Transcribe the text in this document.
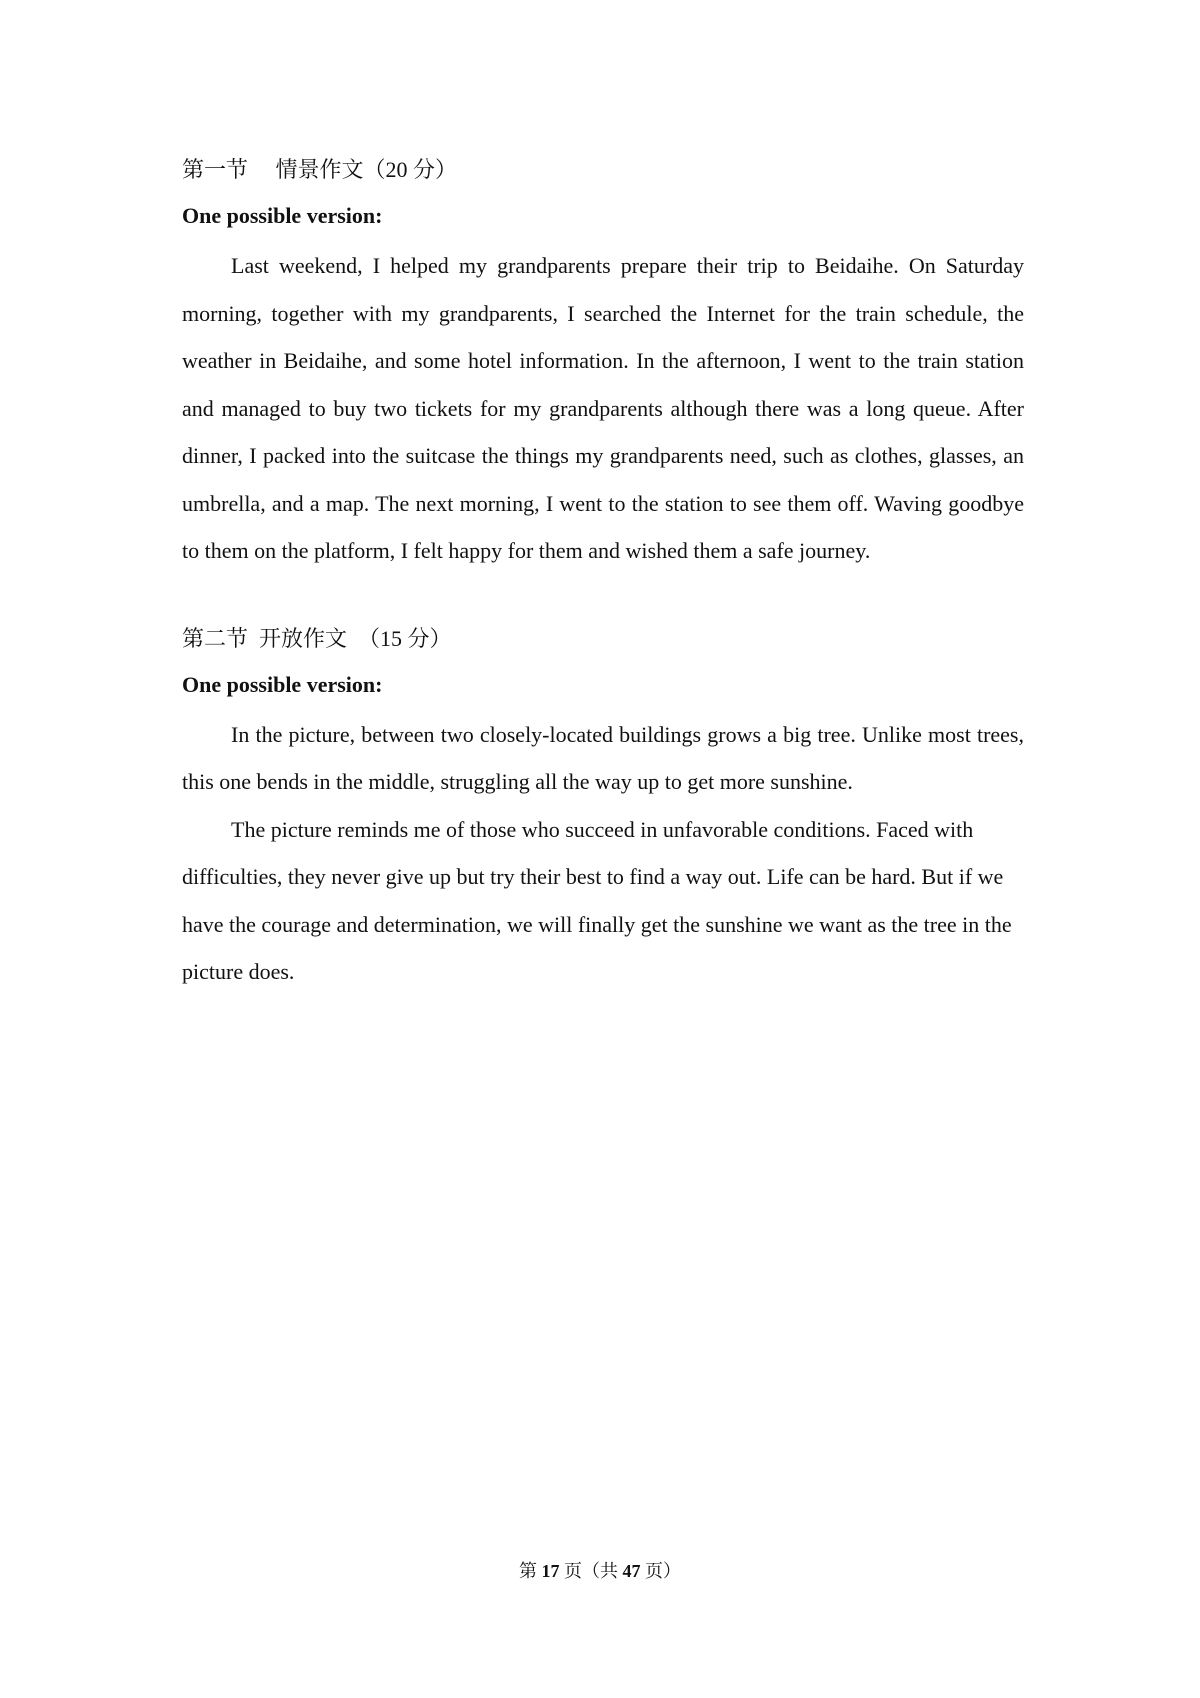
第一节　 情景作文（20 分）
One possible version:

Last weekend, I helped my grandparents prepare their trip to Beidaihe. On Saturday morning, together with my grandparents, I searched the Internet for the train schedule, the weather in Beidaihe, and some hotel information. In the afternoon, I went to the train station and managed to buy two tickets for my grandparents although there was a long queue. After dinner, I packed into the suitcase the things my grandparents need, such as clothes, glasses, an umbrella, and a map. The next morning, I went to the station to see them off. Waving goodbye to them on the platform, I felt happy for them and wished them a safe journey.

第二节  开放作文  （15 分）
One possible version:

In the picture, between two closely-located buildings grows a big tree. Unlike most trees, this one bends in the middle, struggling all the way up to get more sunshine.

The picture reminds me of those who succeed in unfavorable conditions. Faced with difficulties, they never give up but try their best to find a way out. Life can be hard. But if we have the courage and determination, we will finally get the sunshine we want as the tree in the picture does.

第 17 页（共 47 页）
